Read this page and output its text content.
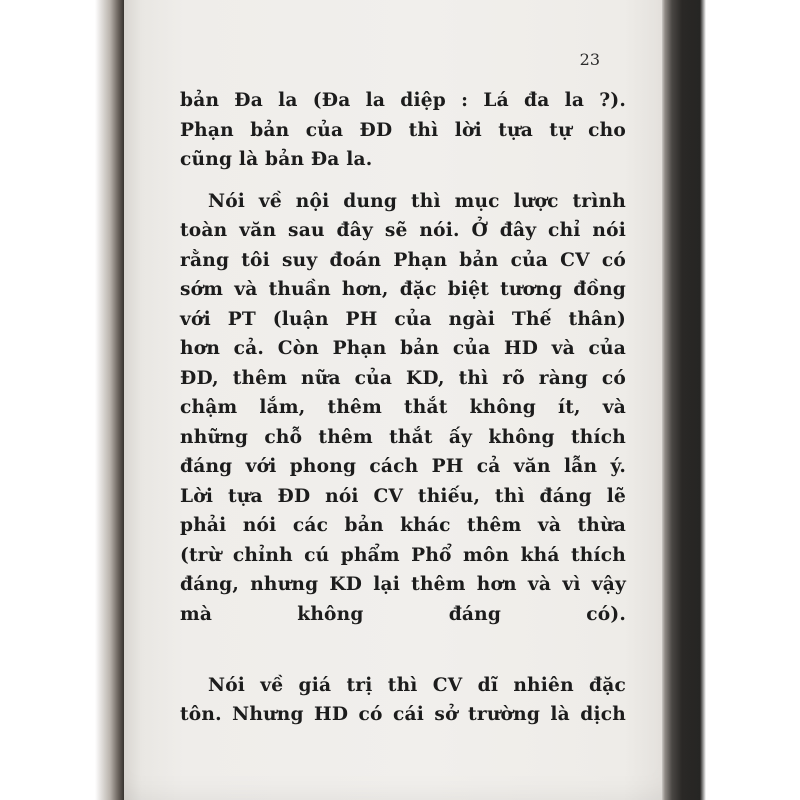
23
bản Đa la (Đa la diệp : Lá đa la ?).
Phạn bản của ĐD thì lời tựa tự cho
cũng là bản Đa la.
Nói về nội dung thì mục lược trình
toàn văn sau đây sẽ nói. Ở đây chỉ nói
rằng tôi suy đoán Phạn bản của CV có
sớm và thuần hơn, đặc biệt tương đồng
với PT (luận PH của ngài Thế thân)
hơn cả. Còn Phạn bản của HD và của
ĐD, thêm nữa của KD, thì rõ ràng có
chậm lắm, thêm thắt không ít, và
những chỗ thêm thắt ấy không thích
đáng với phong cách PH cả văn lẫn ý.
Lời tựa ĐD nói CV thiếu, thì đáng lẽ
phải nói các bản khác thêm và thừa
(trừ chỉnh cú phẩm Phổ môn khá thích
đáng, nhưng KD lại thêm hơn và vì vậy
mà không đáng có).
Nói về giá trị thì CV dĩ nhiên đặc
tôn. Nhưng HD có cái sở trường là dịch
